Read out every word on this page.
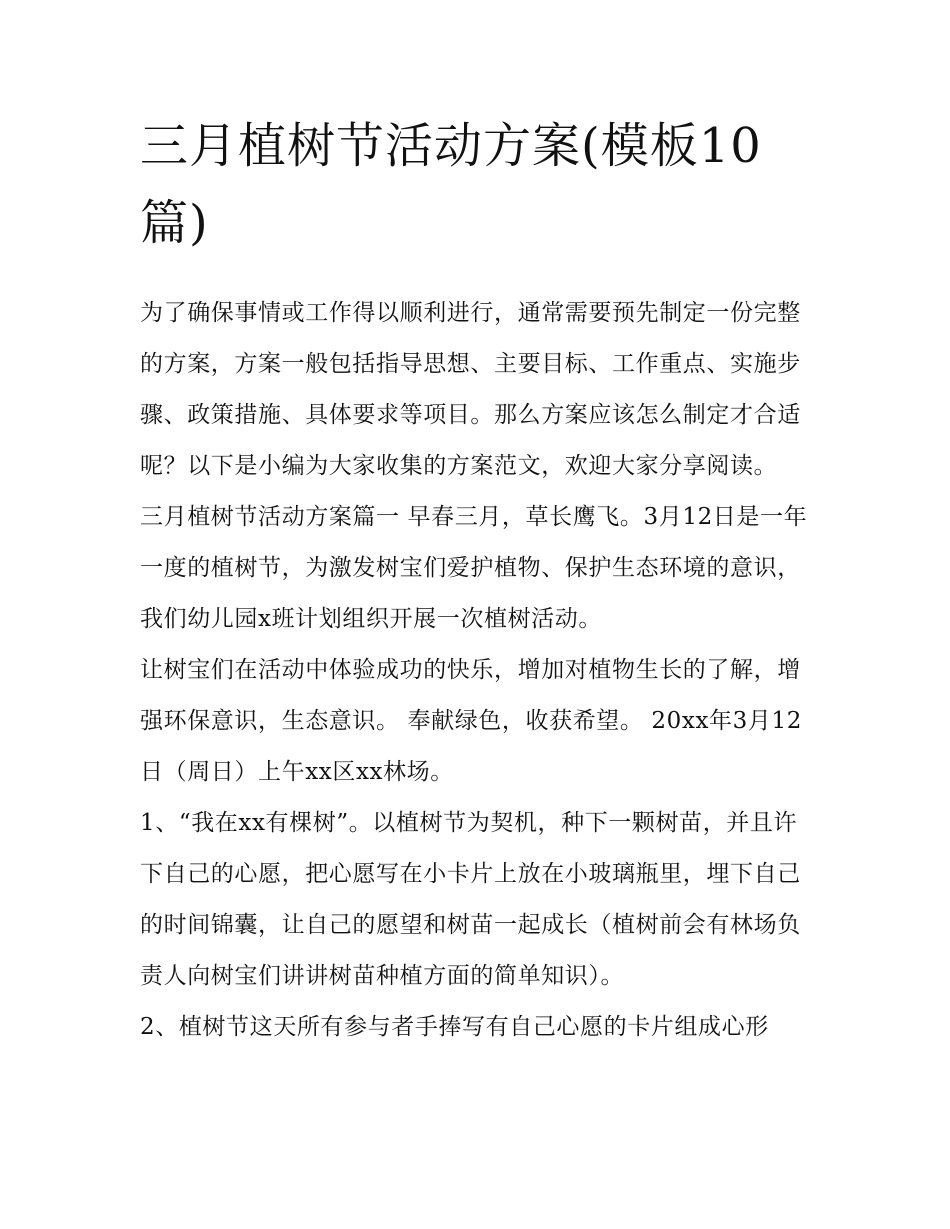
三月植树节活动方案(模板10篇)

为了确保事情或工作得以顺利进行，通常需要预先制定一份完整的方案，方案一般包括指导思想、主要目标、工作重点、实施步骤、政策措施、具体要求等项目。那么方案应该怎么制定才合适呢？以下是小编为大家收集的方案范文，欢迎大家分享阅读。

三月植树节活动方案篇一 早春三月，草长鹰飞。3月12日是一年一度的植树节，为激发树宝们爱护植物、保护生态环境的意识，我们幼儿园x班计划组织开展一次植树活动。

让树宝们在活动中体验成功的快乐，增加对植物生长的了解，增强环保意识，生态意识。 奉献绿色，收获希望。 20xx年3月12日（周日）上午xx区xx林场。

1、“我在xx有棵树”。以植树节为契机，种下一颗树苗，并且许下自己的心愿，把心愿写在小卡片上放在小玻璃瓶里，埋下自己的时间锦囊，让自己的愿望和树苗一起成长（植树前会有林场负责人向树宝们讲讲树苗种植方面的简单知识）。

2、植树节这天所有参与者手捧写有自己心愿的卡片组成心形
